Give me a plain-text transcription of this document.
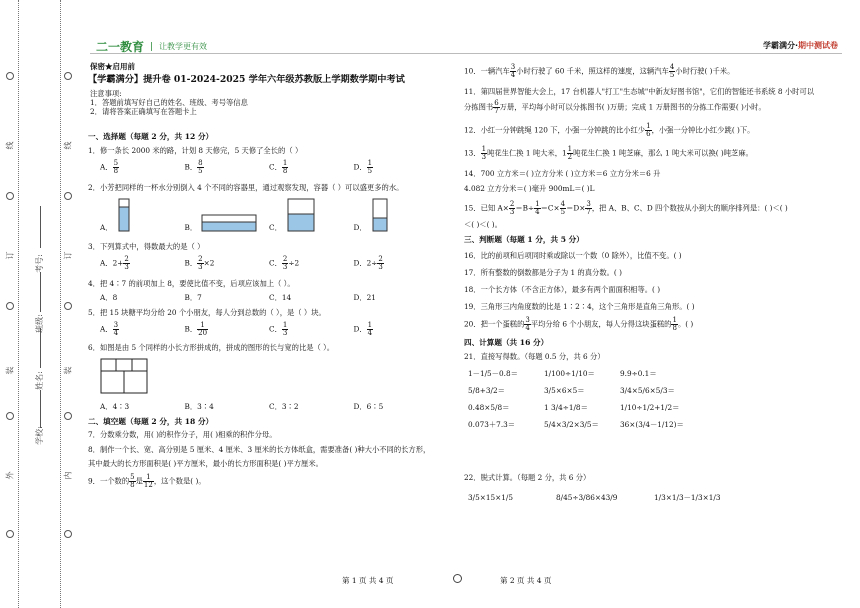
线
订
装
外
线
订
装
内
学校:
姓名:
班级:
考号:
二一教育 | 让教学更有效	学霸满分·期中测试卷
保密★启用前
【学霸满分】提升卷 01-2024-2025 学年六年级苏教版上学期数学期中考试
注意事项:
1．答题前填写好自己的姓名、班级、考号等信息
2．请将答案正确填写在答题卡上
一、选择题（每题 2 分，共 12 分）
1．修一条长 2000 米的路，计划 8 天修完，5 天修了全长的（ ）
A． $\frac{5}{8}$	B． $\frac{8}{5}$	C． $\frac{1}{8}$	D． $\frac{1}{5}$
2．小芳把同样的一杯水分别倒入 4 个不同的容器里，通过观察发现，容器（ ）可以盛更多的水。
A．	B．	C．	D．
3．下列算式中，得数最大的是（ ）
A．$2+ \frac{2}{3}$	B． $\frac{2}{3} \times 2$	C． $\frac{2}{3} \div 2$	D．$2\div \frac{2}{3}$
4．把 4∶7 的前项加上 8，要使比值不变，后项应该加上（ ）。
A．8	B．7	C．14	D．21
5．把 15 块糖平均分给 20 个小朋友，每人分到总数的（ ），是（ ）块。
A． $\frac{3}{4}$	B． $\frac{1}{20}$	C． $\frac{1}{3}$	D． $\frac{1}{4}$
6．如图是由 5 个同样的小长方形拼成的，拼成的图形的长与宽的比是（ ）。
A．4∶3	B．3∶4	C．3∶2	D．6∶5
二、填空题（每题 2 分，共 18 分）
7．分数乘分数，用( )的积作分子，用( )相乘的积作分母。
8．制作一个长、宽、高分别是 5 厘米、4 厘米、3 厘米的长方体纸盒，需要准备( )种大小不同的长方形，
其中最大的长方形面积是( )平方厘米，最小的长方形面积是( )平方厘米。
9．一个数的 $\frac{5}{8}$ 是 $\frac{1}{12}$ ，这个数是( )。
10．一辆汽车 $\frac{3}{4}$ 小时行驶了 60 千米，照这样的速度，这辆汽车 $\frac{4}{5}$ 小时行驶( )千米。
11．第四届世界智能大会上，17 台机器人"打工"生态城"中新友好图书馆"，它们的智能还书系统 8 小时可以
分拣图书 $\frac{6}{7}$ 万册，平均每小时可以分拣图书( )万册；完成 1 万册图书的分拣工作需要( )小时。
12．小红一分钟跳绳 120 下，小强一分钟跳的比小红少 $\frac{1}{6}$ ，小强一分钟比小红少跳( )下。
13． $\frac{1}{3}$ 吨花生仁换 1 吨大米，$1 \frac{1}{2}$ 吨花生仁换 1 吨芝麻，那么 1 吨大米可以换( )吨芝麻。
14．700 立方米＝( )立方分米 ( )立方米＝6 立方分米＝6 升
4.082 立方分米＝( )毫升 900mL＝( )L
15．已知 $A\times \frac{2}{3} =B\div \frac{1}{4} =C\times \frac{4}{5} =D\times \frac{3}{7}$ ，把 A、B、C、D 四个数按从小到大的顺序排列是：( )＜( )
＜( )＜( )。
三、判断题（每题 1 分，共 5 分）
16．比的前项和后项同时乘或除以一个数（0 除外），比值不变。( )
17．所有整数的倒数都是分子为 1 的真分数。( )
18．一个长方体（不含正方体），最多有两个面面积相等。( )
19．三角形三内角度数的比是 1∶2∶4，这个三角形是直角三角形。( )
20．把一个蛋糕的 $\frac{3}{4}$ 平均分给 6 个小朋友，每人分得这块蛋糕的 $\frac{1}{8}$ 。( )
四、计算题（共 16 分）
21．直接写得数。（每题 0.5 分，共 6 分）
1－1/5－0.8＝	1/100÷1/10＝	9.9÷0.1＝
5/8+3/2＝	3/5×6×5＝	3/4×5/6×5/3＝
0.48×5/8＝	1 3/4÷1/8＝	1/10÷1/2+1/2＝
0.073＋7.3＝	5/4×3/2×3/5＝	36×(3/4－1/12)＝
22．脱式计算。（每题 2 分，共 6 分）
3/5×15×1/5	8/45÷3/86×43/9	1/3×1/3－1/3×1/3
第 1 页 共 4 页	第 2 页 共 4 页
